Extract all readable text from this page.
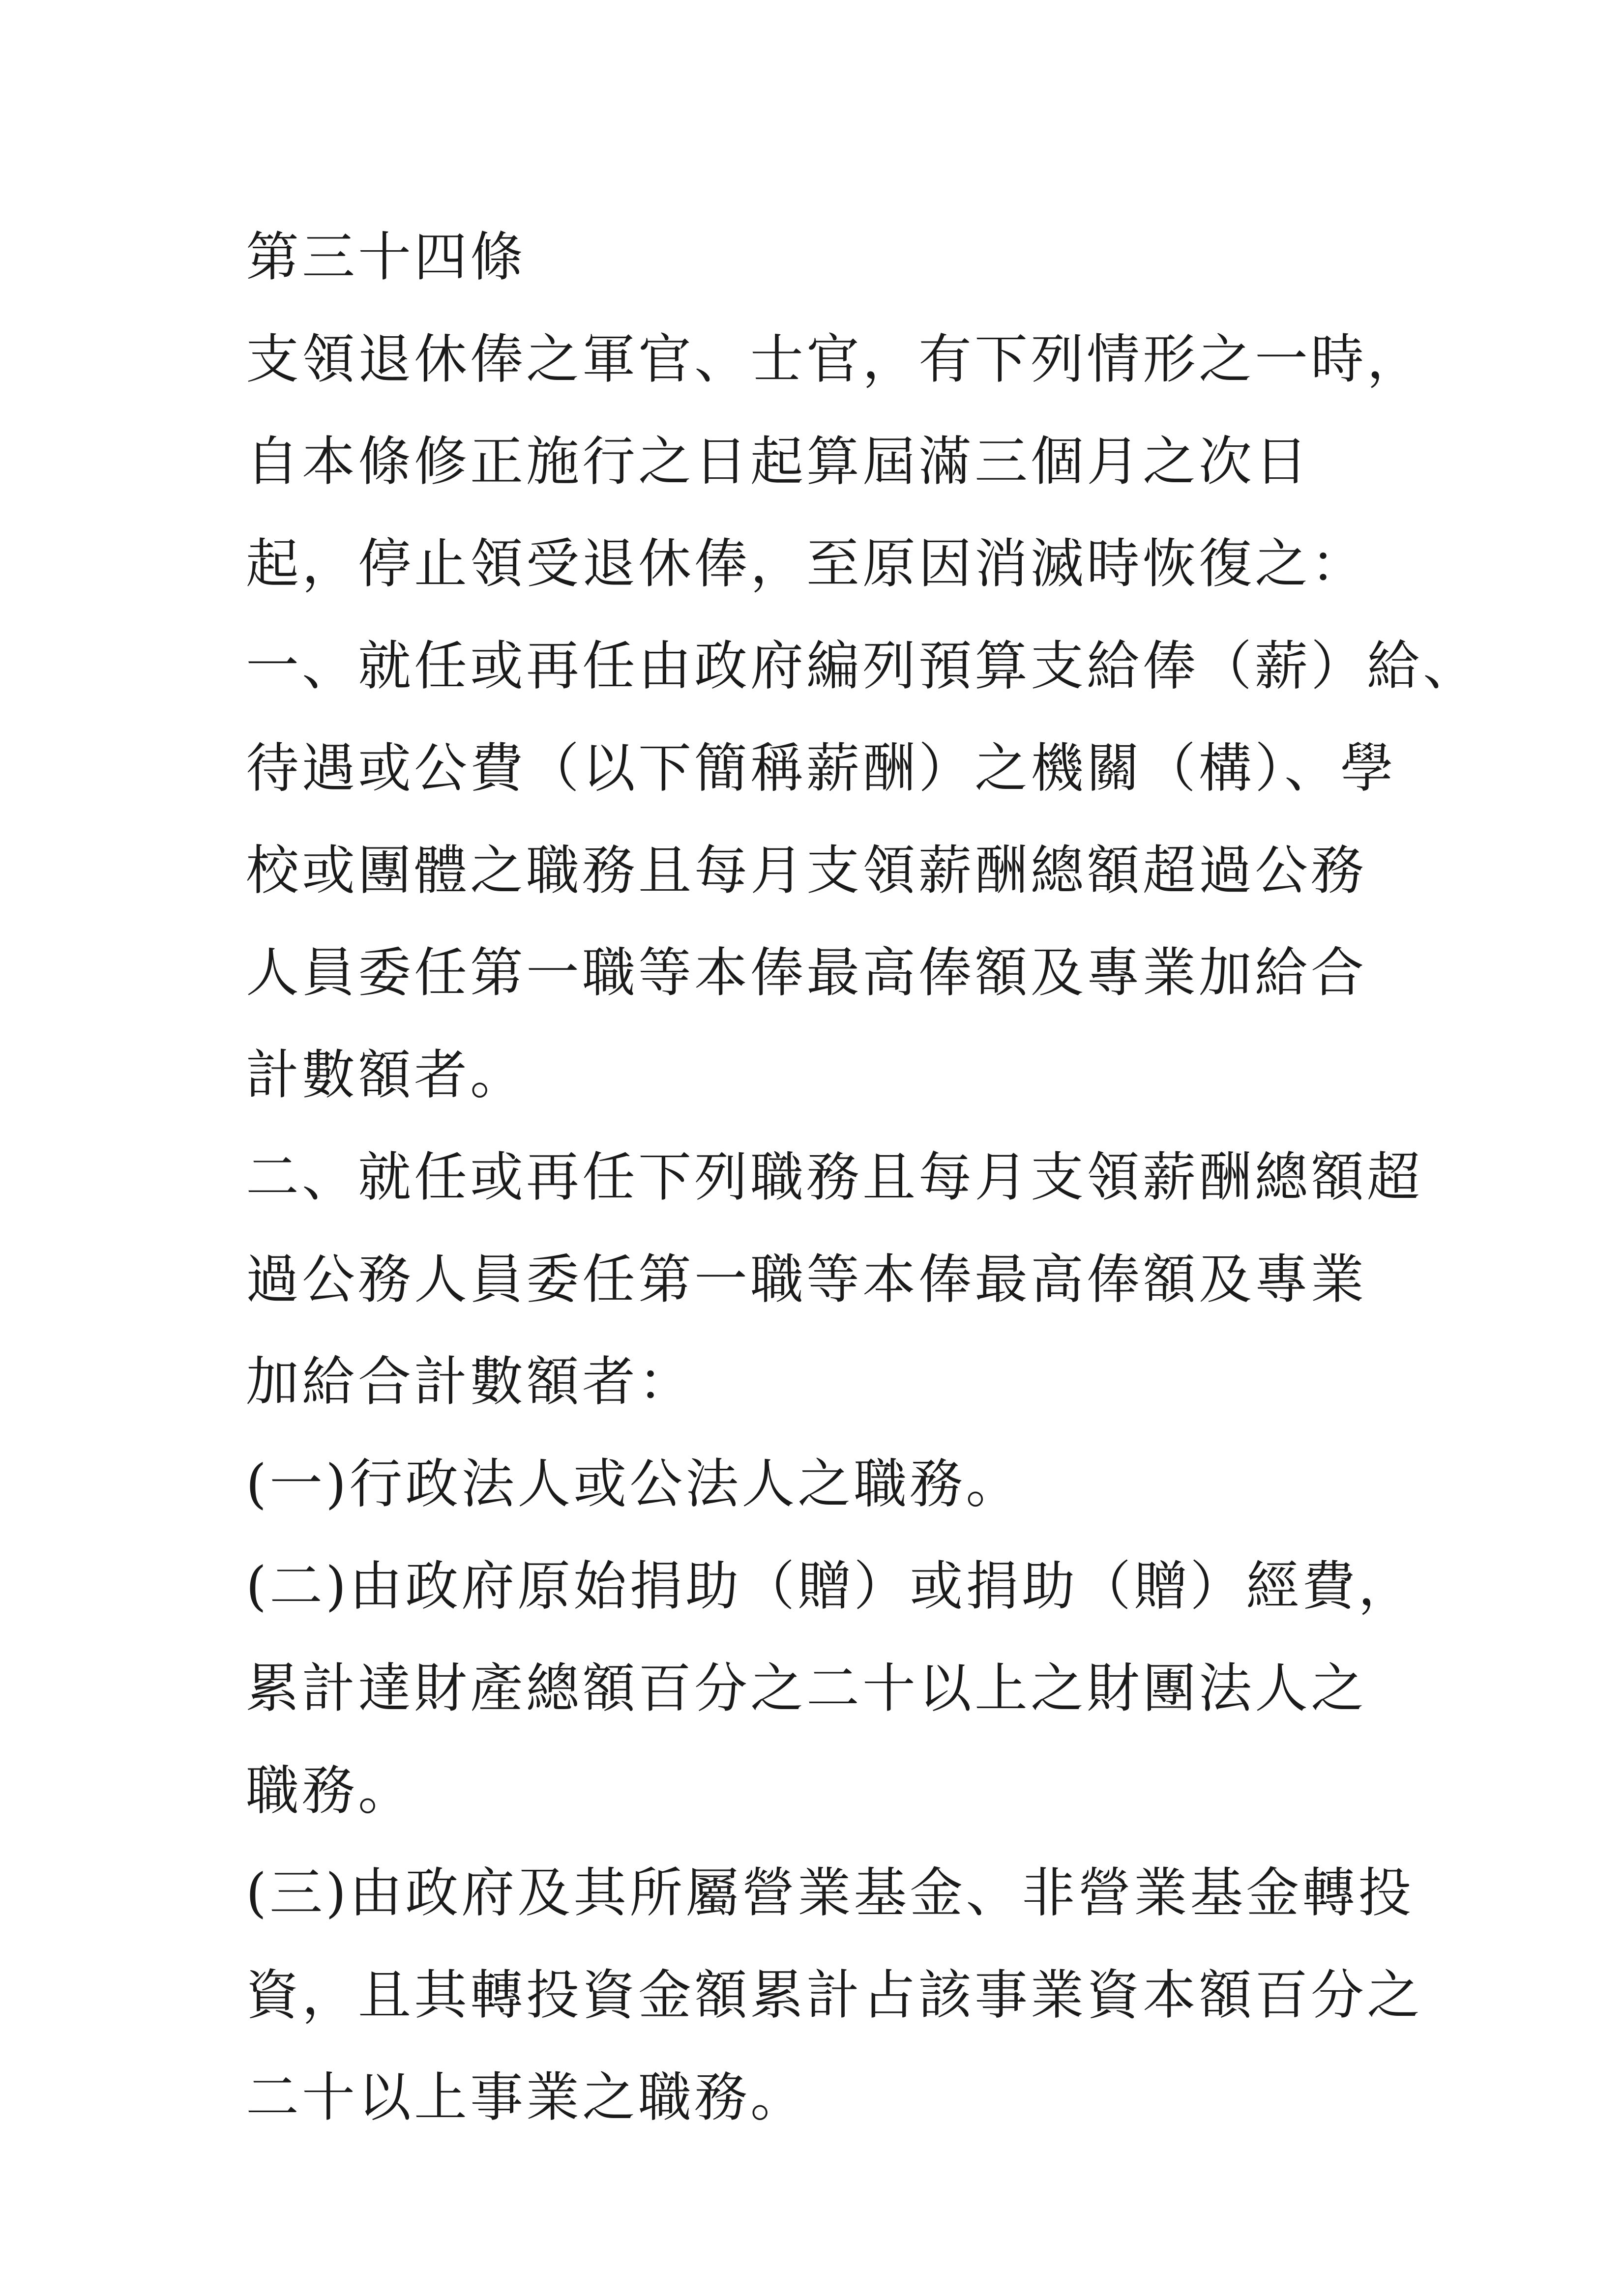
第三十四條
支領退休俸之軍官、士官，有下列情形之一時，
自本條修正施行之日起算屆滿三個月之次日
起，停止領受退休俸，至原因消滅時恢復之：
一、就任或再任由政府編列預算支給俸（薪）給、
待遇或公費（以下簡稱薪酬）之機關（構）、學
校或團體之職務且每月支領薪酬總額超過公務
人員委任第一職等本俸最高俸額及專業加給合
計數額者。
二、就任或再任下列職務且每月支領薪酬總額超
過公務人員委任第一職等本俸最高俸額及專業
加給合計數額者：
(一)行政法人或公法人之職務。
(二)由政府原始捐助（贈）或捐助（贈）經費，
累計達財產總額百分之二十以上之財團法人之
職務。
(三)由政府及其所屬營業基金、非營業基金轉投
資，且其轉投資金額累計占該事業資本額百分之
二十以上事業之職務。
